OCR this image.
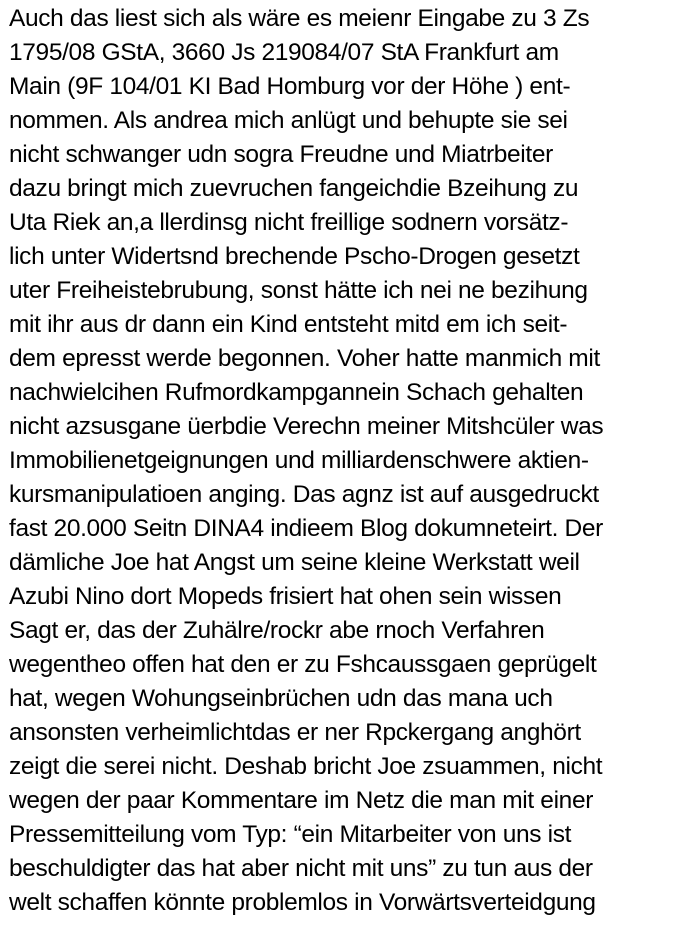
Auch das liest sich als wäre es meienr Eingabe zu 3 Zs
1795/08 GStA, 3660 Js 219084/07 StA Frankfurt am
Main (9F 104/01 KI Bad Homburg vor der Höhe ) ent-
nommen. Als andrea mich anlügt und behupte sie sei
nicht schwanger udn sogra Freudne und Miatrbeiter
dazu bringt mich zuevruchen fangeichdie Bzeihung zu
Uta Riek an,a llerdinsg nicht freillige sodnern vorsätz-
lich unter Widertsnd brechende Pscho-Drogen gesetzt
uter Freiheistebrubung, sonst hätte ich nei ne bezihung
mit ihr aus dr dann ein Kind entsteht mitd em ich seit-
dem epresst werde begonnen. Voher hatte manmich mit
nachwielcihen Rufmordkampgannein Schach gehalten
nicht azsusgane üerbdie Verechn meiner Mitshcüler was
Immobilienetgeignungen und milliardenschwere aktien-
kursmanipulatioen anging. Das agnz ist auf ausgedruckt
fast 20.000 Seitn DINA4 indieem Blog dokumneteirt. Der
dämliche Joe hat Angst um seine kleine Werkstatt weil
Azubi Nino dort Mopeds frisiert hat ohen sein wissen
Sagt er, das der Zuhälre/rockr abe rnoch Verfahren
wegentheo offen hat den er zu Fshcaussgaen geprügelt
hat, wegen Wohungseinbrüchen udn das mana uch
ansonsten verheimlichtdas er ner Rpckergang anghört
zeigt die serei nicht. Deshab bricht Joe zsuammen, nicht
wegen der paar Kommentare im Netz die man mit einer
Pressemitteilung vom Typ: “ein Mitarbeiter von uns ist
beschuldigter das hat aber nicht mit uns” zu tun aus der
welt schaffen könnte problemlos in Vorwärtsverteidgung
